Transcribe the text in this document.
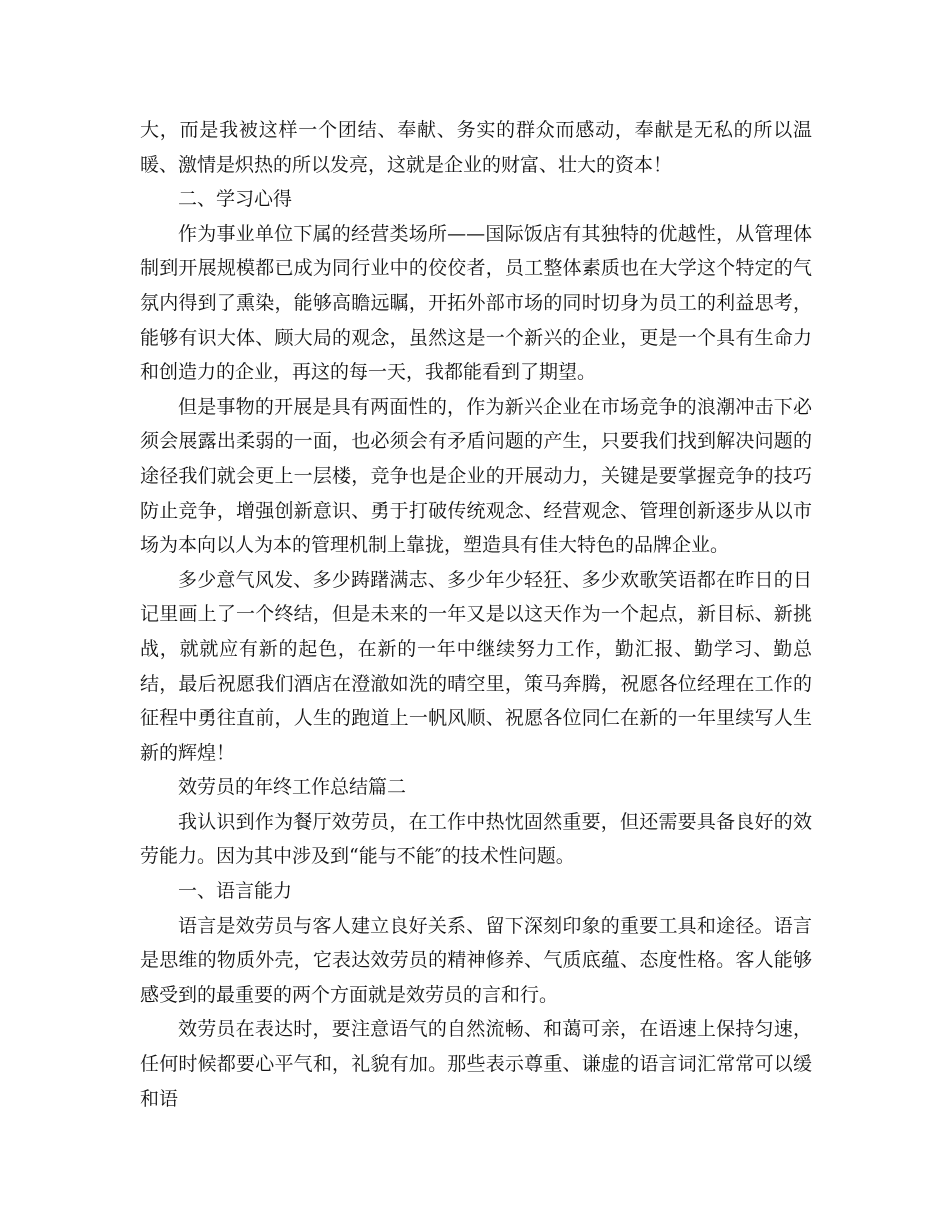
大，而是我被这样一个团结、奉献、务实的群众而感动，奉献是无私的所以温暖、激情是炽热的所以发亮，这就是企业的财富、壮大的资本！

二、学习心得

作为事业单位下属的经营类场所——国际饭店有其独特的优越性，从管理体制到开展规模都已成为同行业中的佼佼者，员工整体素质也在大学这个特定的气氛内得到了熏染，能够高瞻远瞩，开拓外部市场的同时切身为员工的利益思考，能够有识大体、顾大局的观念，虽然这是一个新兴的企业，更是一个具有生命力和创造力的企业，再这的每一天，我都能看到了期望。

但是事物的开展是具有两面性的，作为新兴企业在市场竞争的浪潮冲击下必须会展露出柔弱的一面，也必须会有矛盾问题的产生，只要我们找到解决问题的途径我们就会更上一层楼，竞争也是企业的开展动力，关键是要掌握竞争的技巧防止竞争，增强创新意识、勇于打破传统观念、经营观念、管理创新逐步从以市场为本向以人为本的管理机制上靠拢，塑造具有佳大特色的品牌企业。

多少意气风发、多少踌躇满志、多少年少轻狂、多少欢歌笑语都在昨日的日记里画上了一个终结，但是未来的一年又是以这天作为一个起点，新目标、新挑战，就就应有新的起色，在新的一年中继续努力工作，勤汇报、勤学习、勤总结，最后祝愿我们酒店在澄澈如洗的晴空里，策马奔腾，祝愿各位经理在工作的征程中勇往直前，人生的跑道上一帆风顺、祝愿各位同仁在新的一年里续写人生新的辉煌！

效劳员的年终工作总结篇二

我认识到作为餐厅效劳员，在工作中热忱固然重要，但还需要具备良好的效劳能力。因为其中涉及到“能与不能″的技术性问题。

一、语言能力

语言是效劳员与客人建立良好关系、留下深刻印象的重要工具和途径。语言是思维的物质外壳，它表达效劳员的精神修养、气质底蕴、态度性格。客人能够感受到的最重要的两个方面就是效劳员的言和行。

效劳员在表达时，要注意语气的自然流畅、和蔼可亲，在语速上保持匀速，任何时候都要心平气和，礼貌有加。那些表示尊重、谦虚的语言词汇常常可以缓和语
